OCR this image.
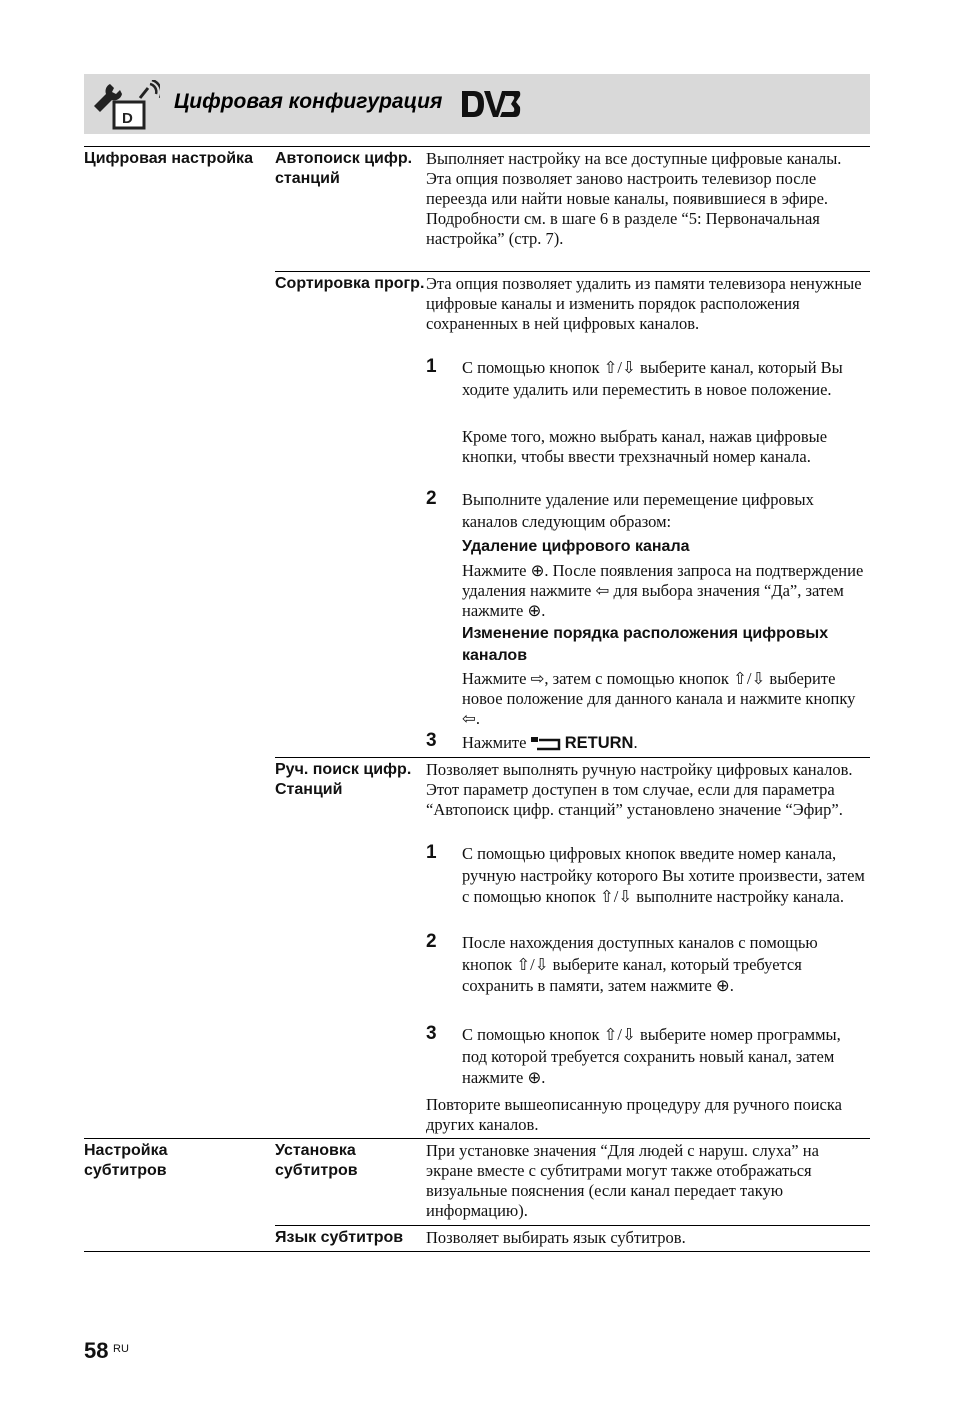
D
Цифровая конфигурация
Цифровая настройка	Автопоиск цифр. станций
Выполняет настройку на все доступные цифровые каналы. Эта опция позволяет заново настроить телевизор после переезда или найти новые каналы, появившиеся в эфире. Подробности см. в шаге 6 в разделе “5: Первоначальная настройка” (стр. 7).
Сортировка прогр. Эта опция позволяет удалить из памяти телевизора ненужные цифровые каналы и изменить порядок расположения сохраненных в ней цифровых каналов.
1 С помощью кнопок ⇧/⇩ выберите канал, который Вы ходите удалить или переместить в новое положение.
Кроме того, можно выбрать канал, нажав цифровые кнопки, чтобы ввести трехзначный номер канала.
2 Выполните удаление или перемещение цифровых каналов следующим образом:
Удаление цифрового канала
Нажмите ⊕. После появления запроса на подтверждение удаления нажмите ⇦ для выбора значения “Да”, затем нажмите ⊕.
Изменение порядка расположения цифровых каналов
Нажмите ⇨, затем с помощью кнопок ⇧/⇩ выберите новое положение для данного канала и нажмите кнопку ⇦.
3 Нажмите RETURN.
Руч. поиск цифр. Станций
Позволяет выполнять ручную настройку цифровых каналов. Этот параметр доступен в том случае, если для параметра “Автопоиск цифр. станций” установлено значение “Эфир”.
1 С помощью цифровых кнопок введите номер канала, ручную настройку которого Вы хотите произвести, затем с помощью кнопок ⇧/⇩ выполните настройку канала.
2 После нахождения доступных каналов с помощью кнопок ⇧/⇩ выберите канал, который требуется сохранить в памяти, затем нажмите ⊕.
3 С помощью кнопок ⇧/⇩ выберите номер программы, под которой требуется сохранить новый канал, затем нажмите ⊕.
Повторите вышеописанную процедуру для ручного поиска других каналов.
Настройка субтитров
Установка субтитров
При установке значения “Для людей с наруш. слуха” на экране вместе с субтитрами могут также отображаться визуальные пояснения (если канал передает такую информацию).
Язык субтитров	Позволяет выбирать язык субтитров.
58 RU
